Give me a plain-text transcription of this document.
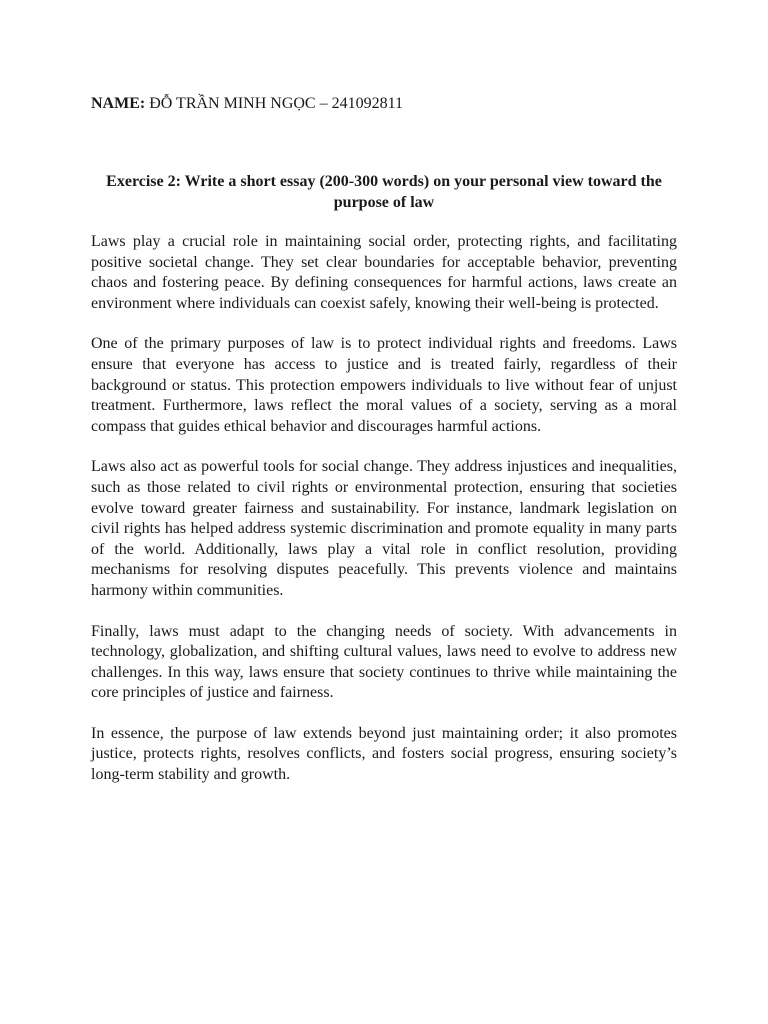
NAME: ĐỖ TRẦN MINH NGỌC – 241092811

Exercise 2: Write a short essay (200-300 words) on your personal view toward the purpose of law

Laws play a crucial role in maintaining social order, protecting rights, and facilitating positive societal change. They set clear boundaries for acceptable behavior, preventing chaos and fostering peace. By defining consequences for harmful actions, laws create an environment where individuals can coexist safely, knowing their well-being is protected.

One of the primary purposes of law is to protect individual rights and freedoms. Laws ensure that everyone has access to justice and is treated fairly, regardless of their background or status. This protection empowers individuals to live without fear of unjust treatment. Furthermore, laws reflect the moral values of a society, serving as a moral compass that guides ethical behavior and discourages harmful actions.

Laws also act as powerful tools for social change. They address injustices and inequalities, such as those related to civil rights or environmental protection, ensuring that societies evolve toward greater fairness and sustainability. For instance, landmark legislation on civil rights has helped address systemic discrimination and promote equality in many parts of the world. Additionally, laws play a vital role in conflict resolution, providing mechanisms for resolving disputes peacefully. This prevents violence and maintains harmony within communities.

Finally, laws must adapt to the changing needs of society. With advancements in technology, globalization, and shifting cultural values, laws need to evolve to address new challenges. In this way, laws ensure that society continues to thrive while maintaining the core principles of justice and fairness.

In essence, the purpose of law extends beyond just maintaining order; it also promotes justice, protects rights, resolves conflicts, and fosters social progress, ensuring society’s long-term stability and growth.
